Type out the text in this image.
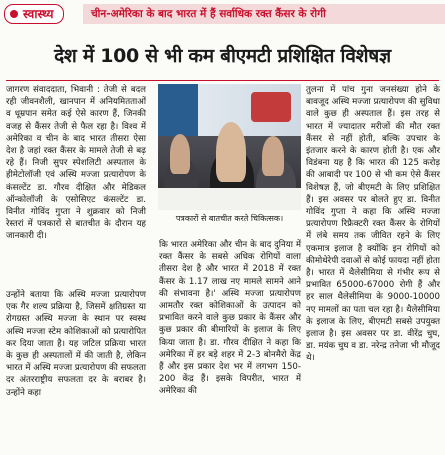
स्वास्थ्य	चीन-अमेरिका के बाद भारत में हैं सर्वाधिक रक्त कैंसर के रोगी
देश में 100 से भी कम बीएमटी प्रशिक्षित विशेषज्ञ

जागरण संवाददाता, भिवानी : तेजी से बदल रही जीवनशैली, खानपान में अनियमितताओं व धूम्रपान समेत कई ऐसे कारण हैं, जिनकी वजह से कैंसर तेजी से फैल रहा है। विश्व में अमेरिका व चीन के बाद भारत तीसरा ऐसा देश है जहां रक्त कैंसर के मामले तेजी से बढ़ रहे हैं। निजी सुपर स्पेशलिटी अस्पताल के हीमेटोलॉजी एवं अस्थि मज्जा प्रत्यारोपण के कंसल्टेंट डा. गौरव दीक्षित और मेडिकल ऑन्कोलॉजी के एसोसिएट कंसल्टेंट डा. विनीत गोविंद गुप्ता ने शुक्रवार को निजी रेस्तरां में पत्रकारों से बातचीत के दौरान यह जानकारी दी।

उन्होंने बताया कि अस्थि मज्जा प्रत्यारोपण एक गैर शल्य प्रक्रिया है, जिसमें क्षतिग्रस्त या रोगग्रस्त अस्थि मज्जा के स्थान पर स्वस्थ अस्थि मज्जा स्टेम कोशिकाओं को प्रत्यारोपित कर दिया जाता है। यह जटिल प्रक्रिया भारत के कुछ ही अस्पतालों में की जाती है, लेकिन भारत में अस्थि मज्जा प्रत्यारोपण की सफलता दर अंतरराष्ट्रीय सफलता दर के बराबर है। उन्होंने कहा

पत्रकारों से बातचीत करते चिकित्सक।

कि भारत अमेरिका और चीन के बाद दुनिया में रक्त कैंसर के सबसे अधिक रोगियों वाला तीसरा देश है और भारत में 2018 में रक्त कैंसर के 1.17 लाख नए मामले सामने आने की संभावना है।' अस्थि मज्जा प्रत्यारोपण आमतौर रक्त कोशिकाओं के उत्पादन को प्रभावित करने वाले कुछ प्रकार के कैंसर और कुछ प्रकार की बीमारियों के इलाज के लिए किया जाता है। डा. गौरव दीक्षित ने कहा कि अमेरिका में हर बड़े शहर में 2-3 बोनमैरो केंद्र हैं और इस प्रकार देश भर में लगभग 150-200 केंद्र हैं। इसके विपरीत, भारत में अमेरिका की

तुलना में पांच गुना जनसंख्या होने के बावजूद अस्थि मज्जा प्रत्यारोपण की सुविधा वाले कुछ ही अस्पताल हैं। इस तरह से भारत में ज्यादातर मरीजों की मौत रक्त कैंसर से नहीं होती, बल्कि उपचार के इंतजार करने के कारण होती है। एक और विडंबना यह है कि भारत की 125 करोड़ की आबादी पर 100 से भी कम ऐसे कैंसर विशेषज्ञ हैं, जो बीएमटी के लिए प्रशिक्षित हैं। इस अवसर पर बोलते हुए डा. विनीत गोविंद गुप्ता ने कहा कि अस्थि मज्जा प्रत्यारोपण रिफ्रैक्टरी रक्त कैंसर के रोगियों में लंबे समय तक जीवित रहने के लिए एकमात्र इलाज है क्योंकि इन रोगियों को कीमोथेरेपी दवाओं से कोई फायदा नहीं होता है। भारत में थैलेसीमिया से गंभीर रूप से प्रभावित 65000-67000 रोगी हैं और हर साल थैलेसीमिया के 9000-10000 नए मामलों का पता चल रहा है। थैलेसीमिया के इलाज के लिए, बीएमटी सबसे उपयुक्त इलाज है। इस अवसर पर डा. वीरेंद्र चुघ, डा. मयंक चुघ व डा. नरेन्द्र तनेजा भी मौजूद थे।
